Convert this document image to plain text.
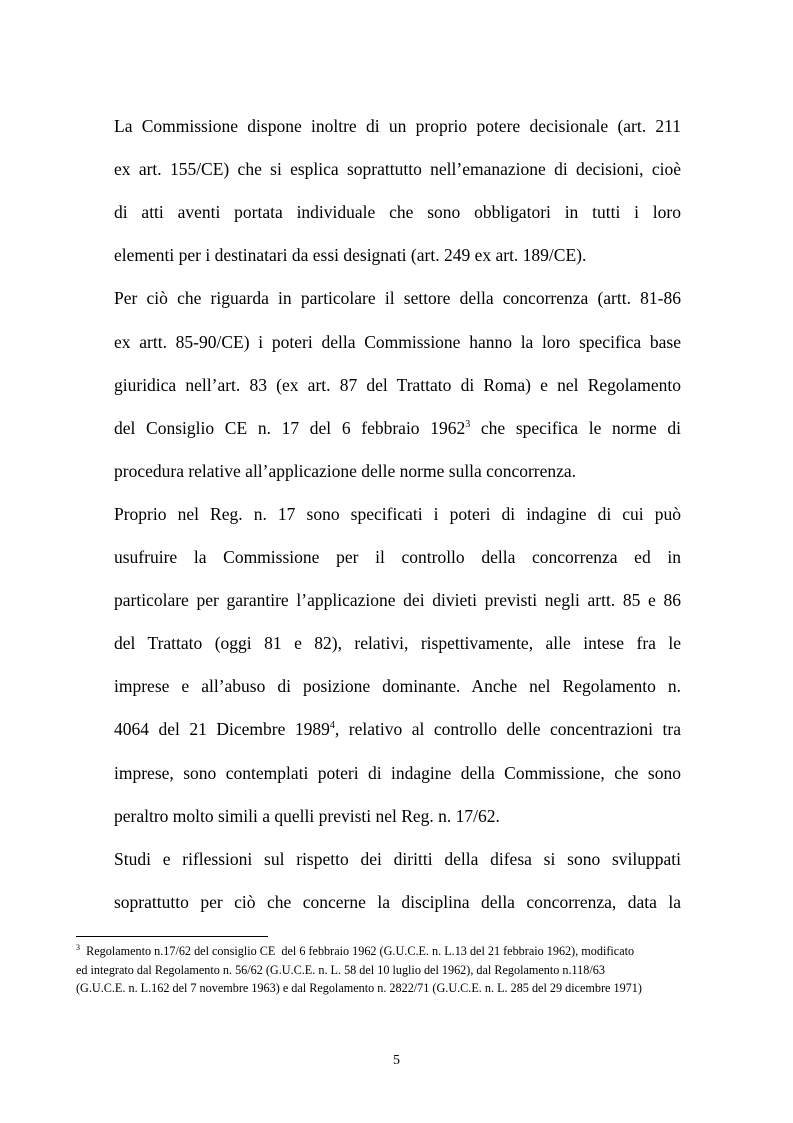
La Commissione dispone inoltre di un proprio potere decisionale (art. 211
ex art. 155/CE) che si esplica soprattutto nell’emanazione di decisioni, cioè
di atti aventi portata individuale che sono obbligatori in tutti i loro
elementi per i destinatari da essi designati (art. 249 ex art. 189/CE).
Per ciò che riguarda in particolare il settore della concorrenza (artt. 81-86
ex artt. 85-90/CE) i poteri della Commissione hanno la loro specifica base
giuridica nell’art. 83 (ex art. 87 del Trattato di Roma) e nel Regolamento
del Consiglio CE n. 17 del 6 febbraio 1962$^3$ che specifica le norme di
procedura relative all’applicazione delle norme sulla concorrenza.
Proprio nel Reg. n. 17 sono specificati i poteri di indagine di cui può
usufruire la Commissione per il controllo della concorrenza ed in
particolare per garantire l’applicazione dei divieti previsti negli artt. 85 e 86
del Trattato (oggi 81 e 82), relativi, rispettivamente, alle intese fra le
imprese e all’abuso di posizione dominante. Anche nel Regolamento n.
4064 del 21 Dicembre 1989$^4$, relativo al controllo delle concentrazioni tra
imprese, sono contemplati poteri di indagine della Commissione, che sono
peraltro molto simili a quelli previsti nel Reg. n. 17/62.
Studi e riflessioni sul rispetto dei diritti della difesa si sono sviluppati
soprattutto per ciò che concerne la disciplina della concorrenza, data la
$^3$  Regolamento n.17/62 del consiglio CE  del 6 febbraio 1962 (G.U.C.E. n. L.13 del 21 febbraio 1962), modificato
ed integrato dal Regolamento n. 56/62 (G.U.C.E. n. L. 58 del 10 luglio del 1962), dal Regolamento n.118/63
(G.U.C.E. n. L.162 del 7 novembre 1963) e dal Regolamento n. 2822/71 (G.U.C.E. n. L. 285 del 29 dicembre 1971)
5
